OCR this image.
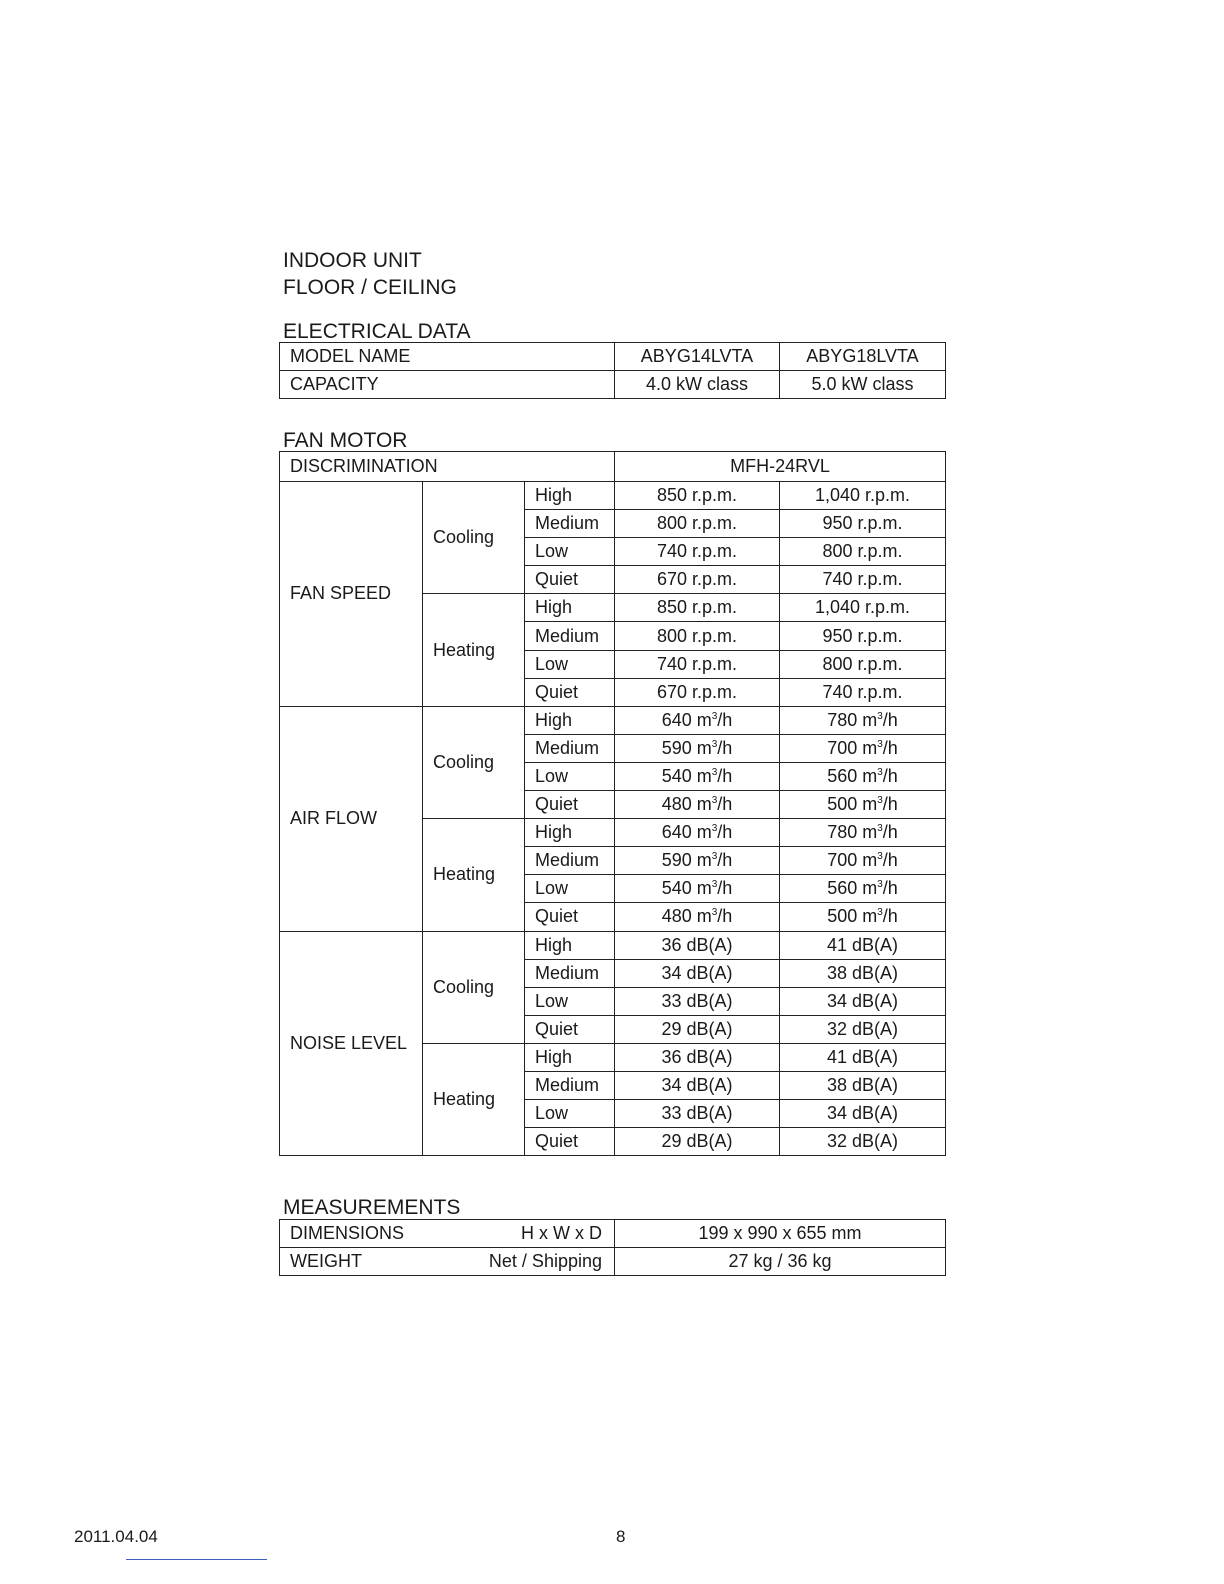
INDOOR UNIT
FLOOR / CEILING
ELECTRICAL DATA
MODEL NAME	ABYG14LVTA	ABYG18LVTA
CAPACITY	4.0 kW class	5.0 kW class
FAN MOTOR
DISCRIMINATION			MFH-24RVL	
FAN SPEED	Cooling	High	850 r.p.m.	1,040 r.p.m.
		Medium	800 r.p.m.	950 r.p.m.
		Low	740 r.p.m.	800 r.p.m.
		Quiet	670 r.p.m.	740 r.p.m.
	Heating	High	850 r.p.m.	1,040 r.p.m.
		Medium	800 r.p.m.	950 r.p.m.
		Low	740 r.p.m.	800 r.p.m.
		Quiet	670 r.p.m.	740 r.p.m.
AIR FLOW	Cooling	High	640 $m^3/h$	780 $m^3/h$
		Medium	590 $m^3/h$	700 $m^3/h$
		Low	540 $m^3/h$	560 $m^3/h$
		Quiet	480 $m^3/h$	500 $m^3/h$
	Heating	High	640 $m^3/h$	780 $m^3/h$
		Medium	590 $m^3/h$	700 $m^3/h$
		Low	540 $m^3/h$	560 $m^3/h$
		Quiet	480 $m^3/h$	500 $m^3/h$
NOISE LEVEL	Cooling	High	36 dB(A)	41 dB(A)
		Medium	34 dB(A)	38 dB(A)
		Low	33 dB(A)	34 dB(A)
		Quiet	29 dB(A)	32 dB(A)
	Heating	High	36 dB(A)	41 dB(A)
		Medium	34 dB(A)	38 dB(A)
		Low	33 dB(A)	34 dB(A)
		Quiet	29 dB(A)	32 dB(A)
MEASUREMENTS
DIMENSIONS H x W x D	199 x 990 x 655 mm

WEIGHT Net / Shipping	27 kg / 36 kg
2011.04.04	8
